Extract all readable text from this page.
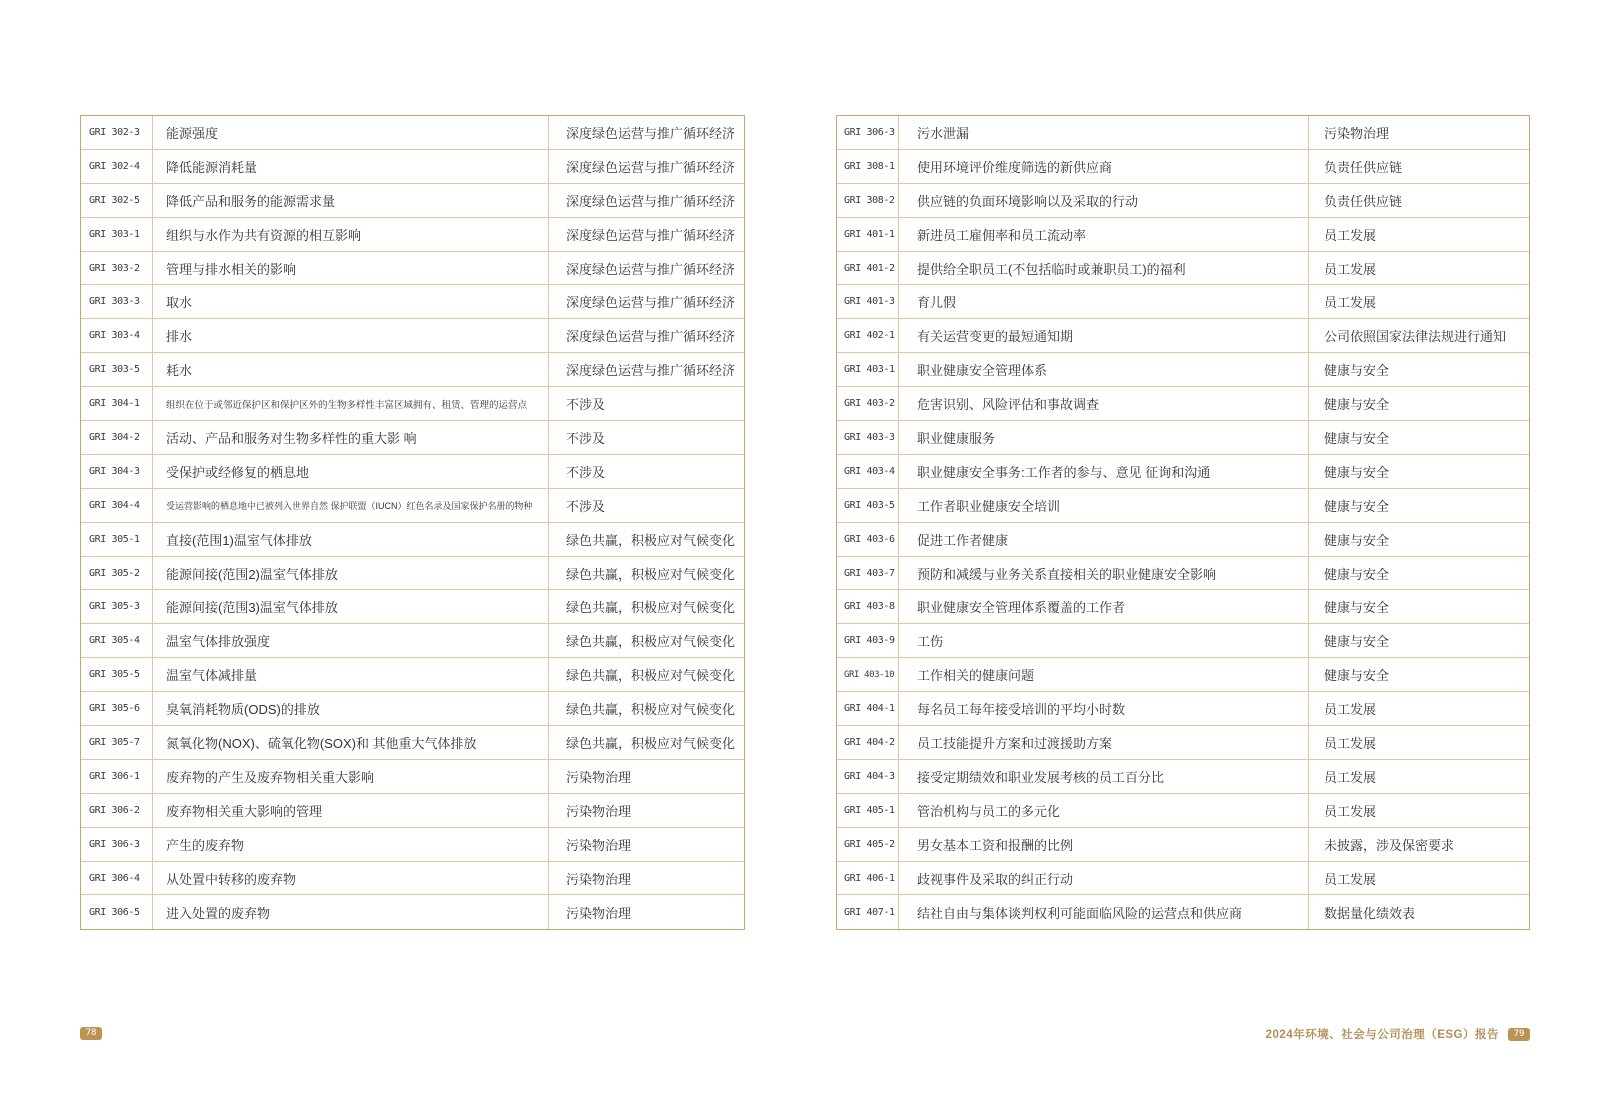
GRI 302-3 能源强度	深度绿色运营与推广循环经济
GRI 302-4 降低能源消耗量	深度绿色运营与推广循环经济
GRI 302-5 降低产品和服务的能源需求量	深度绿色运营与推广循环经济
GRI 303-1 组织与水作为共有资源的相互影响	深度绿色运营与推广循环经济
GRI 303-2 管理与排水相关的影响	深度绿色运营与推广循环经济
GRI 303-3 取水	深度绿色运营与推广循环经济
GRI 303-4 排水	深度绿色运营与推广循环经济
GRI 303-5 耗水	深度绿色运营与推广循环经济
GRI 304-1	组织在位于或邻近保护区和保护区外的生物多样性丰富区域拥有、租赁、管理的运营点	不涉及
GRI 304-2 活动、产品和服务对生物多样性的重大影 响	不涉及
GRI 304-3 受保护或经修复的栖息地	不涉及
GRI 304-4	受运营影响的栖息地中已被列入世界自然 保护联盟（IUCN）红色名录及国家保护名册的物种	不涉及
GRI 305-1 直接(范围1)温室气体排放	绿色共赢，积极应对气候变化
GRI 305-2 能源间接(范围2)温室气体排放	绿色共赢，积极应对气候变化
GRI 305-3 能源间接(范围3)温室气体排放	绿色共赢，积极应对气候变化
GRI 305-4 温室气体排放强度	绿色共赢，积极应对气候变化
GRI 305-5 温室气体减排量	绿色共赢，积极应对气候变化
GRI 305-6 臭氧消耗物质(ODS)的排放	绿色共赢，积极应对气候变化
GRI 305-7 氮氧化物(NOX)、硫氧化物(SOX)和 其他重大气体排放	绿色共赢，积极应对气候变化
GRI 306-1 废弃物的产生及废弃物相关重大影响	污染物治理
GRI 306-2 废弃物相关重大影响的管理	污染物治理
GRI 306-3 产生的废弃物	污染物治理
GRI 306-4 从处置中转移的废弃物	污染物治理
GRI 306-5 进入处置的废弃物	污染物治理
GRI 306-3 污水泄漏	污染物治理
GRI 308-1 使用环境评价维度筛选的新供应商	负责任供应链
GRI 308-2 供应链的负面环境影响以及采取的行动	负责任供应链
GRI 401-1 新进员工雇佣率和员工流动率	员工发展
GRI 401-2 提供给全职员工(不包括临时或兼职员工)的福利	员工发展
GRI 401-3 育儿假	员工发展
GRI 402-1 有关运营变更的最短通知期	公司依照国家法律法规进行通知
GRI 403-1 职业健康安全管理体系	健康与安全
GRI 403-2 危害识别、风险评估和事故调查	健康与安全
GRI 403-3 职业健康服务	健康与安全
GRI 403-4 职业健康安全事务:工作者的参与、意见 征询和沟通	健康与安全
GRI 403-5 工作者职业健康安全培训	健康与安全
GRI 403-6 促进工作者健康	健康与安全
GRI 403-7 预防和减缓与业务关系直接相关的职业健康安全影响	健康与安全
GRI 403-8 职业健康安全管理体系覆盖的工作者	健康与安全
GRI 403-9 工伤	健康与安全
GRI 403-10 工作相关的健康问题	健康与安全
GRI 404-1 每名员工每年接受培训的平均小时数	员工发展
GRI 404-2 员工技能提升方案和过渡援助方案	员工发展
GRI 404-3 接受定期绩效和职业发展考核的员工百分比	员工发展
GRI 405-1 管治机构与员工的多元化	员工发展
GRI 405-2 男女基本工资和报酬的比例	未披露，涉及保密要求
GRI 406-1 歧视事件及采取的纠正行动	员工发展
GRI 407-1 结社自由与集体谈判权利可能面临风险的运营点和供应商	数据量化绩效表
78	2024年环境、社会与公司治理（ESG）报告	79
